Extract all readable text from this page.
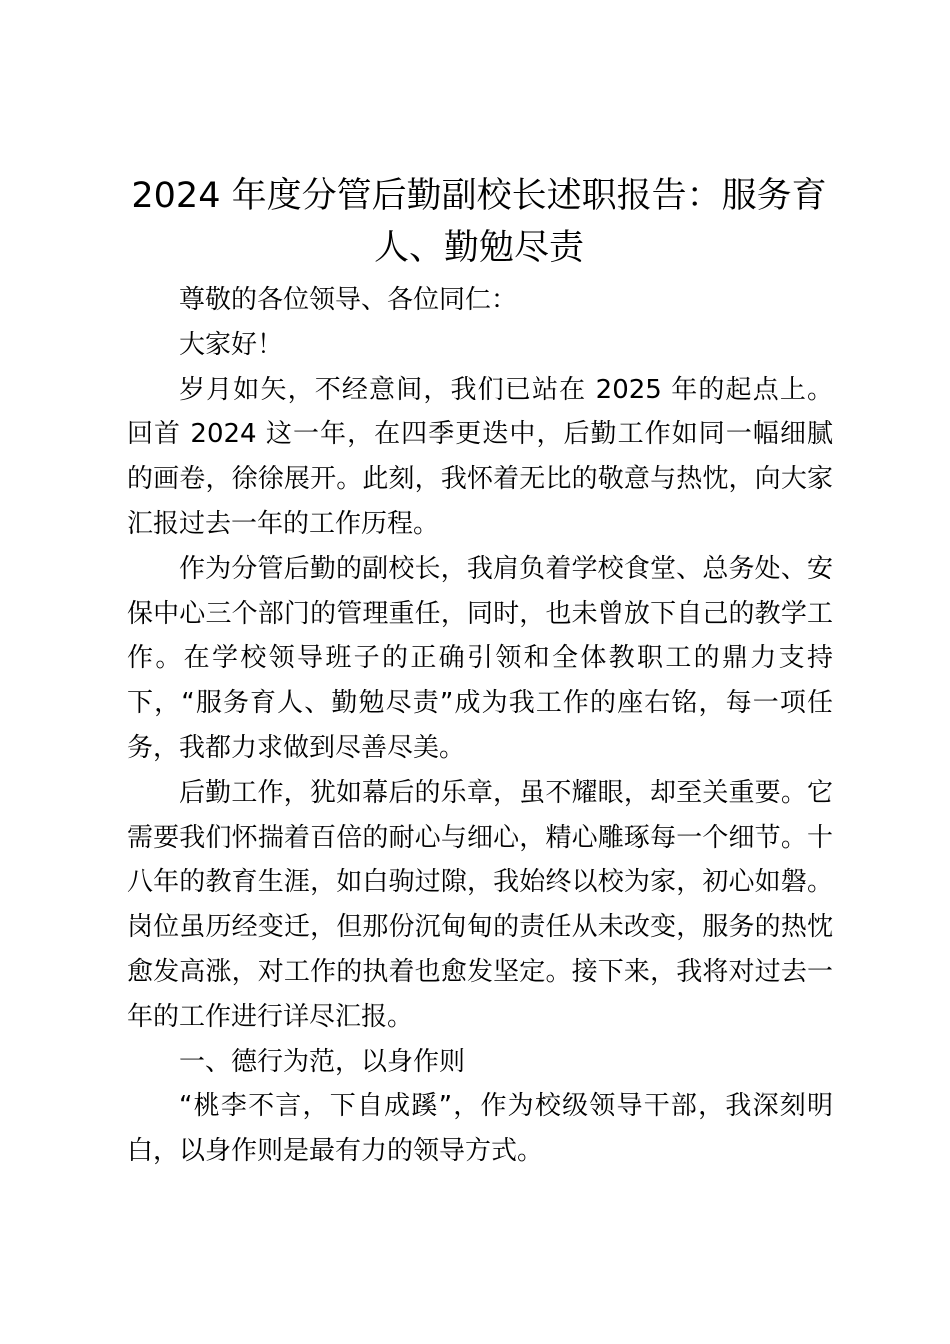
2024 年度分管后勤副校长述职报告：服务育人、勤勉尽责

尊敬的各位领导、各位同仁：

大家好！

岁月如矢，不经意间，我们已站在 2025 年的起点上。回首 2024 这一年，在四季更迭中，后勤工作如同一幅细腻的画卷，徐徐展开。此刻，我怀着无比的敬意与热忱，向大家汇报过去一年的工作历程。

作为分管后勤的副校长，我肩负着学校食堂、总务处、安保中心三个部门的管理重任，同时，也未曾放下自己的教学工作。在学校领导班子的正确引领和全体教职工的鼎力支持下，“服务育人、勤勉尽责”成为我工作的座右铭，每一项任务，我都力求做到尽善尽美。

后勤工作，犹如幕后的乐章，虽不耀眼，却至关重要。它需要我们怀揣着百倍的耐心与细心，精心雕琢每一个细节。十八年的教育生涯，如白驹过隙，我始终以校为家，初心如磐。岗位虽历经变迁，但那份沉甸甸的责任从未改变，服务的热忱愈发高涨，对工作的执着也愈发坚定。接下来，我将对过去一年的工作进行详尽汇报。

一、德行为范，以身作则

“桃李不言，下自成蹊”，作为校级领导干部，我深刻明白，以身作则是最有力的领导方式。
